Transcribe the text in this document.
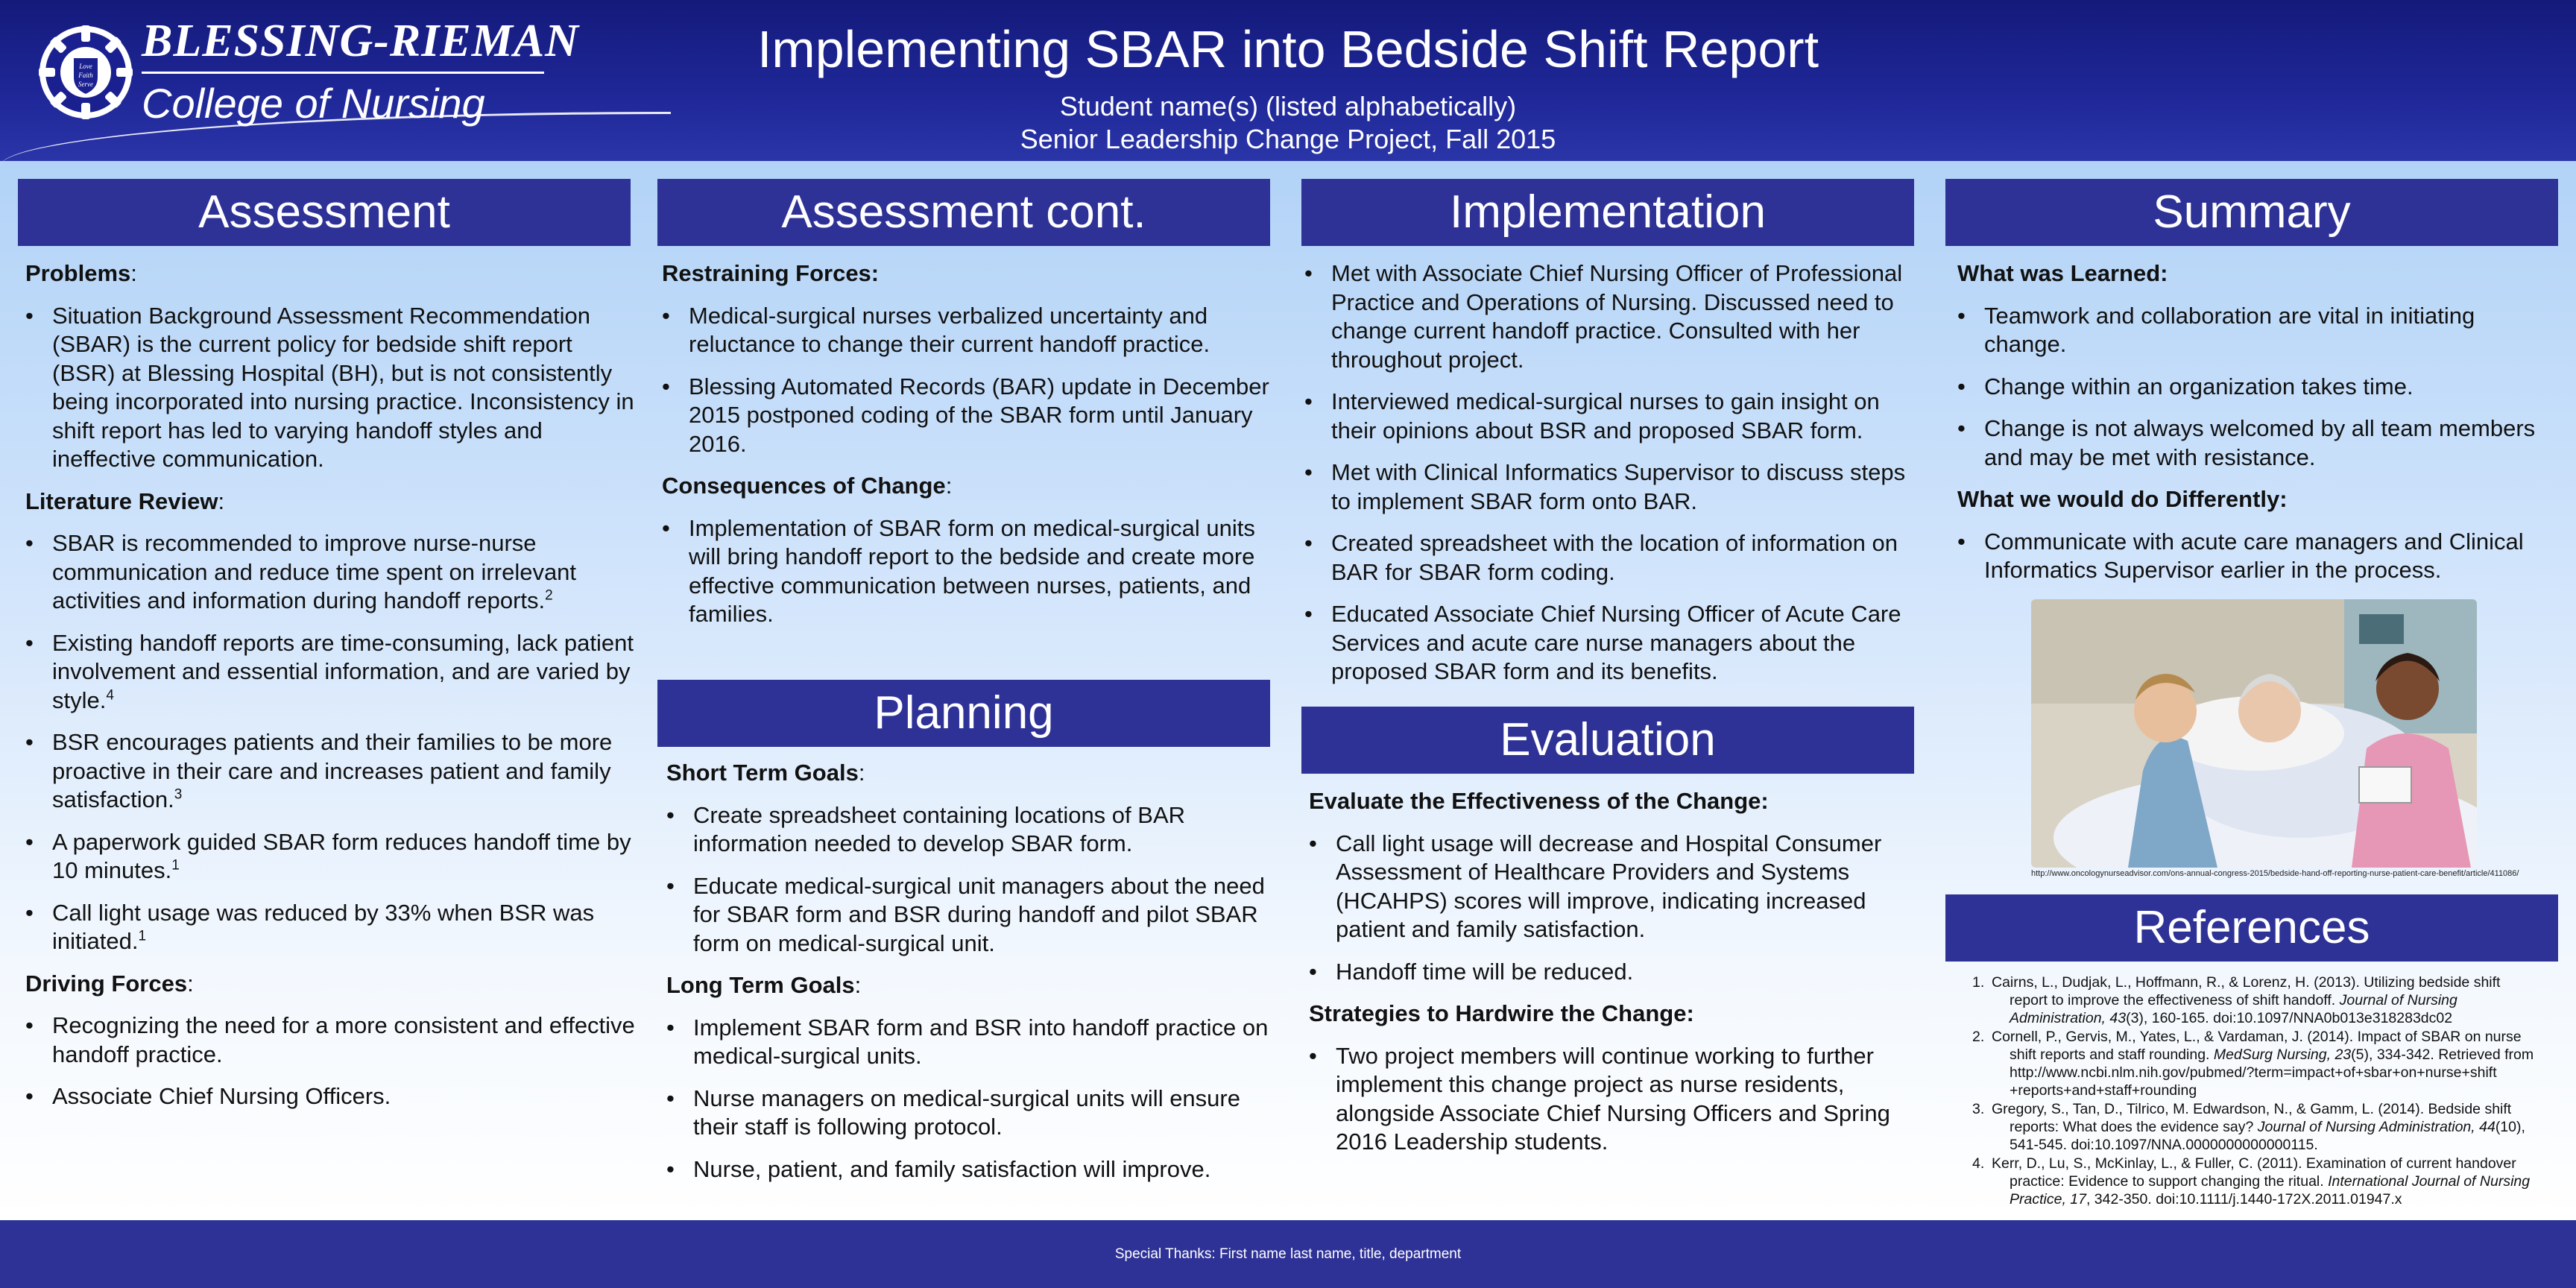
Love
Faith
Serve
BLESSING-RIEMAN
College of Nursing
Implementing SBAR into Bedside Shift Report
Student name(s) (listed alphabetically)
Senior Leadership Change Project, Fall 2015
Assessment
Problems:
• Situation Background Assessment Recommendation (SBAR) is the current policy for bedside shift report (BSR) at Blessing Hospital (BH), but is not consistently being incorporated into nursing practice. Inconsistency in shift report has led to varying handoff styles and ineffective communication.
Literature Review:
• SBAR is recommended to improve nurse-nurse communication and reduce time spent on irrelevant activities and information during handoff reports.$^2$
• Existing handoff reports are time-consuming, lack patient involvement and essential information, and are varied by style.$^4$
• BSR encourages patients and their families to be more proactive in their care and increases patient and family satisfaction.$^3$
• A paperwork guided SBAR form reduces handoff time by 10 minutes.$^1$
• Call light usage was reduced by 33% when BSR was initiated.$^1$
Driving Forces:
• Recognizing the need for a more consistent and effective handoff practice.
• Associate Chief Nursing Officers.
Assessment cont.
Restraining Forces:
• Medical-surgical nurses verbalized uncertainty and reluctance to change their current handoff practice.
• Blessing Automated Records (BAR) update in December 2015 postponed coding of the SBAR form until January 2016.
Consequences of Change:
• Implementation of SBAR form on medical-surgical units will bring handoff report to the bedside and create more effective communication between nurses, patients, and families.
Planning
Short Term Goals:
• Create spreadsheet containing locations of BAR information needed to develop SBAR form.
• Educate medical-surgical unit managers about the need for SBAR form and BSR during handoff and pilot SBAR form on medical-surgical unit.
Long Term Goals:
• Implement SBAR form and BSR into handoff practice on medical-surgical units.
• Nurse managers on medical-surgical units will ensure their staff is following protocol.
• Nurse, patient, and family satisfaction will improve.
Implementation
• Met with Associate Chief Nursing Officer of Professional Practice and Operations of Nursing. Discussed need to change current handoff practice. Consulted with her throughout project.
• Interviewed medical-surgical nurses to gain insight on their opinions about BSR and proposed SBAR form.
• Met with Clinical Informatics Supervisor to discuss steps to implement SBAR form onto BAR.
• Created spreadsheet with the location of information on BAR for SBAR form coding.
• Educated Associate Chief Nursing Officer of Acute Care Services and acute care nurse managers about the proposed SBAR form and its benefits.
Evaluation
Evaluate the Effectiveness of the Change:
• Call light usage will decrease and Hospital Consumer Assessment of Healthcare Providers and Systems (HCAHPS) scores will improve, indicating increased patient and family satisfaction.
• Handoff time will be reduced.
Strategies to Hardwire the Change:
• Two project members will continue working to further implement this change project as nurse residents, alongside Associate Chief Nursing Officers and Spring 2016 Leadership students.
Summary
What was Learned:
• Teamwork and collaboration are vital in initiating change.
• Change within an organization takes time.
• Change is not always welcomed by all team members and may be met with resistance.
What we would do Differently:
• Communicate with acute care managers and Clinical Informatics Supervisor earlier in the process.
http://www.oncologynurseadvisor.com/ons-annual-congress-2015/bedside-hand-off-reporting-nurse-patient-care-benefit/article/411086/
References
1. Cairns, L., Dudjak, L., Hoffmann, R., & Lorenz, H. (2013). Utilizing bedside shift report to improve the effectiveness of shift handoff. Journal of Nursing Administration, 43(3), 160-165. doi:10.1097/NNA0b013e318283dc02
2. Cornell, P., Gervis, M., Yates, L., & Vardaman, J. (2014). Impact of SBAR on nurse shift reports and staff rounding. MedSurg Nursing, 23(5), 334-342. Retrieved from http://www.ncbi.nlm.nih.gov/pubmed/?term=impact+of+sbar+on+nurse+shift +reports+and+staff+rounding
3. Gregory, S., Tan, D., Tilrico, M. Edwardson, N., & Gamm, L. (2014). Bedside shift reports: What does the evidence say? Journal of Nursing Administration, 44(10), 541-545. doi:10.1097/NNA.0000000000000115.
4. Kerr, D., Lu, S., McKinlay, L., & Fuller, C. (2011). Examination of current handover practice: Evidence to support changing the ritual. International Journal of Nursing Practice, 17, 342-350. doi:10.1111/j.1440-172X.2011.01947.x
Special Thanks: First name last name, title, department
